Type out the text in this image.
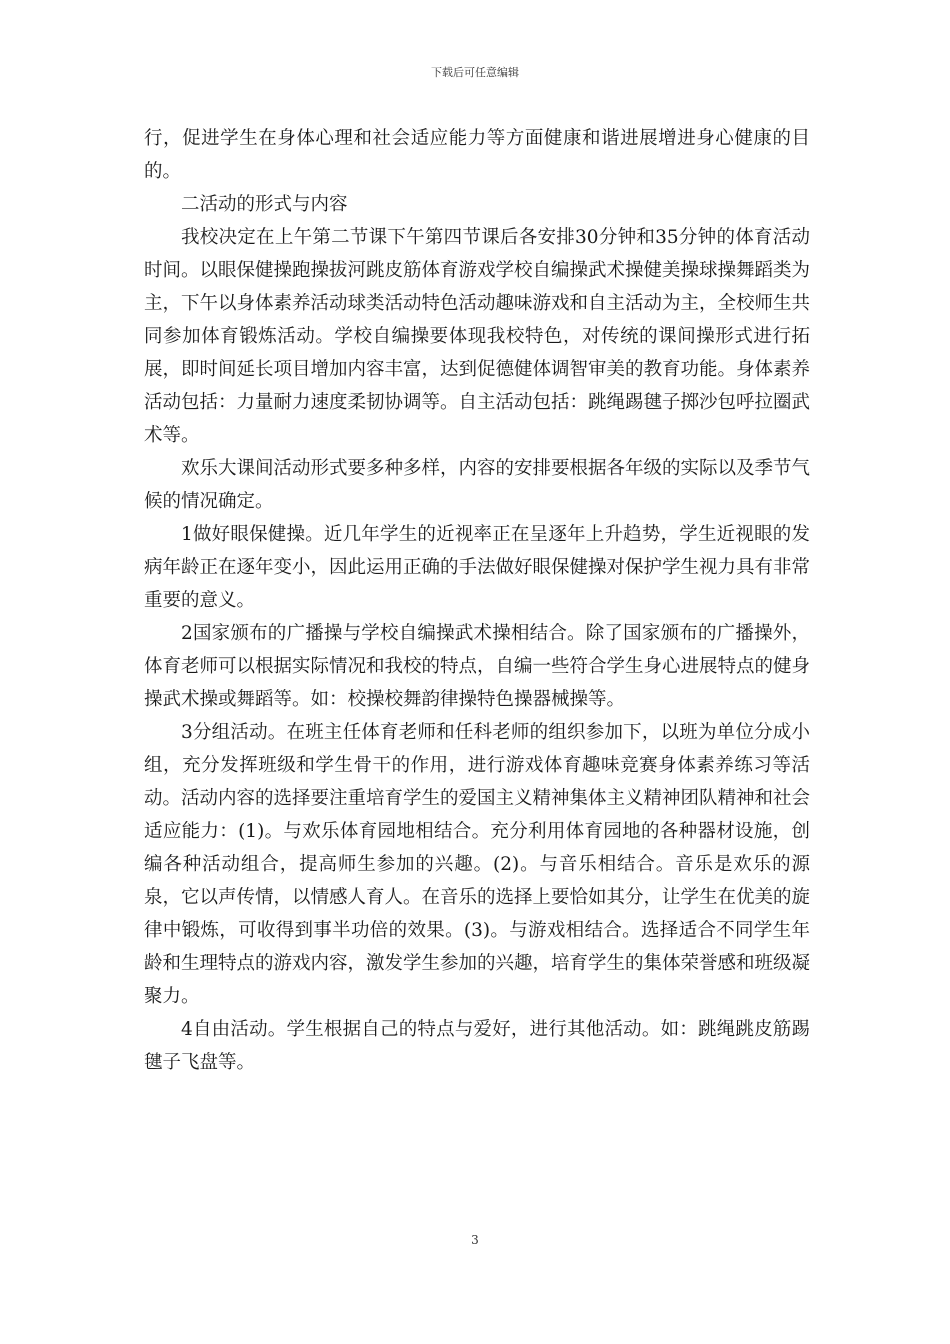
下载后可任意编辑

行，促进学生在身体心理和社会适应能力等方面健康和谐进展增进身心健康的目的。

二活动的形式与内容

我校决定在上午第二节课下午第四节课后各安排30分钟和35分钟的体育活动时间。以眼保健操跑操拔河跳皮筋体育游戏学校自编操武术操健美操球操舞蹈类为主，下午以身体素养活动球类活动特色活动趣味游戏和自主活动为主，全校师生共同参加体育锻炼活动。学校自编操要体现我校特色，对传统的课间操形式进行拓展，即时间延长项目增加内容丰富，达到促德健体调智审美的教育功能。身体素养活动包括：力量耐力速度柔韧协调等。自主活动包括：跳绳踢毽子掷沙包呼拉圈武术等。

欢乐大课间活动形式要多种多样，内容的安排要根据各年级的实际以及季节气候的情况确定。

1做好眼保健操。近几年学生的近视率正在呈逐年上升趋势，学生近视眼的发病年龄正在逐年变小，因此运用正确的手法做好眼保健操对保护学生视力具有非常重要的意义。

2国家颁布的广播操与学校自编操武术操相结合。除了国家颁布的广播操外，体育老师可以根据实际情况和我校的特点，自编一些符合学生身心进展特点的健身操武术操或舞蹈等。如：校操校舞韵律操特色操器械操等。

3分组活动。在班主任体育老师和任科老师的组织参加下，以班为单位分成小组，充分发挥班级和学生骨干的作用，进行游戏体育趣味竞赛身体素养练习等活动。活动内容的选择要注重培育学生的爱国主义精神集体主义精神团队精神和社会适应能力：(1)。与欢乐体育园地相结合。充分利用体育园地的各种器材设施，创编各种活动组合，提高师生参加的兴趣。(2)。与音乐相结合。音乐是欢乐的源泉，它以声传情，以情感人育人。在音乐的选择上要恰如其分，让学生在优美的旋律中锻炼，可收得到事半功倍的效果。(3)。与游戏相结合。选择适合不同学生年龄和生理特点的游戏内容，激发学生参加的兴趣，培育学生的集体荣誉感和班级凝聚力。

4自由活动。学生根据自己的特点与爱好，进行其他活动。如：跳绳跳皮筋踢毽子飞盘等。

3
